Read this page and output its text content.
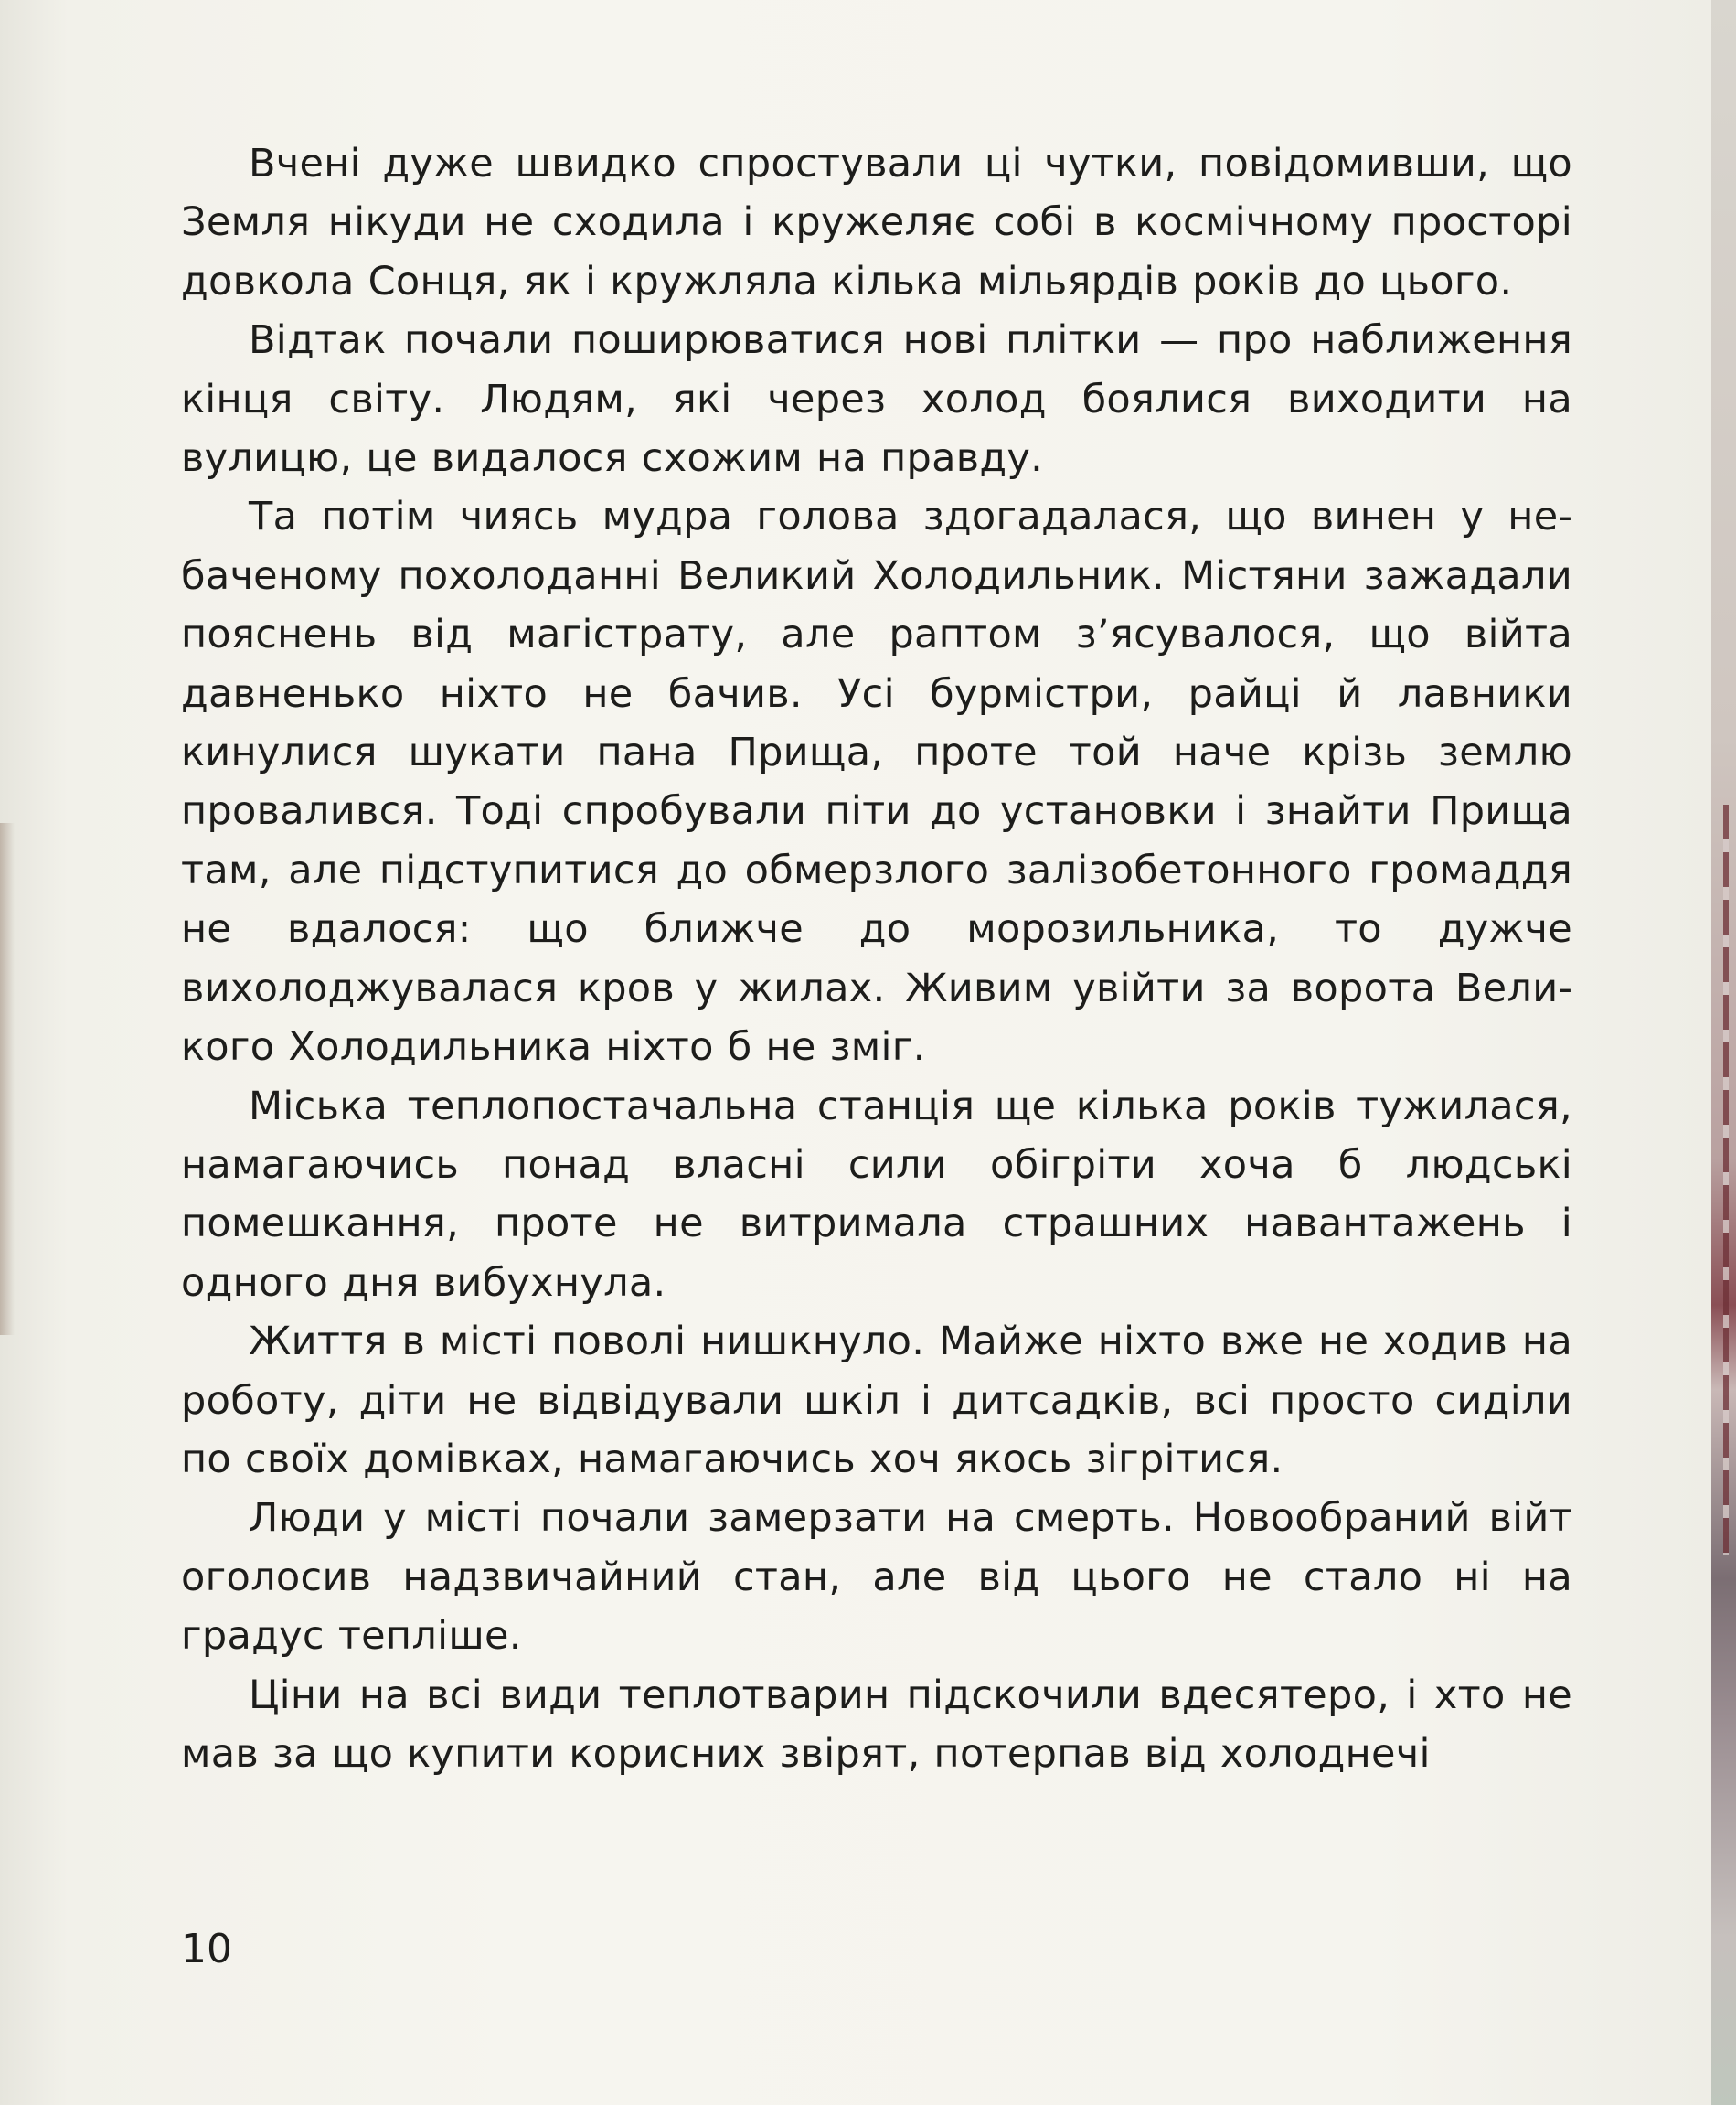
Вчені дуже швидко спростували ці чутки, повідомивши, що Земля нікуди не сходила і кружеляє собі в космічному просторі довкола Сонця, як і кружляла кілька мільярдів років до цього.

Відтак почали поширюватися нові плітки — про наближення кінця світу. Людям, які через холод боялися виходити на вулицю, це видалося схожим на правду.

Та потім чиясь мудра голова здогадалася, що винен у небаченому похолоданні Великий Холодильник. Містяни зажадали пояснень від магістрату, але раптом з’ясувалося, що війта давненько ніхто не бачив. Усі бурмістри, райці й лавники кинулися шукати пана Прища, проте той наче крізь землю провалився. Тоді спробували піти до установки і знайти Прища там, але підступитися до обмерзлого залізобетонного громаддя не вдалося: що ближче до морозильника, то дужче вихолоджувалася кров у жилах. Живим увійти за ворота Великого Холодильника ніхто б не зміг.

Міська теплопостачальна станція ще кілька років тужилася, намагаючись понад власні сили обігріти хоча б людські помешкання, проте не витримала страшних навантажень і одного дня вибухнула.

Життя в місті поволі нишкнуло. Майже ніхто вже не ходив на роботу, діти не відвідували шкіл і дитсадків, всі просто сиділи по своїх домівках, намагаючись хоч якось зігрітися.

Люди у місті почали замерзати на смерть. Новообраний війт оголосив надзвичайний стан, але від цього не стало ні на градус тепліше.

Ціни на всі види теплотварин підскочили вдесятеро, і хто не мав за що купити корисних звірят, потерпав від холоднечі

10
